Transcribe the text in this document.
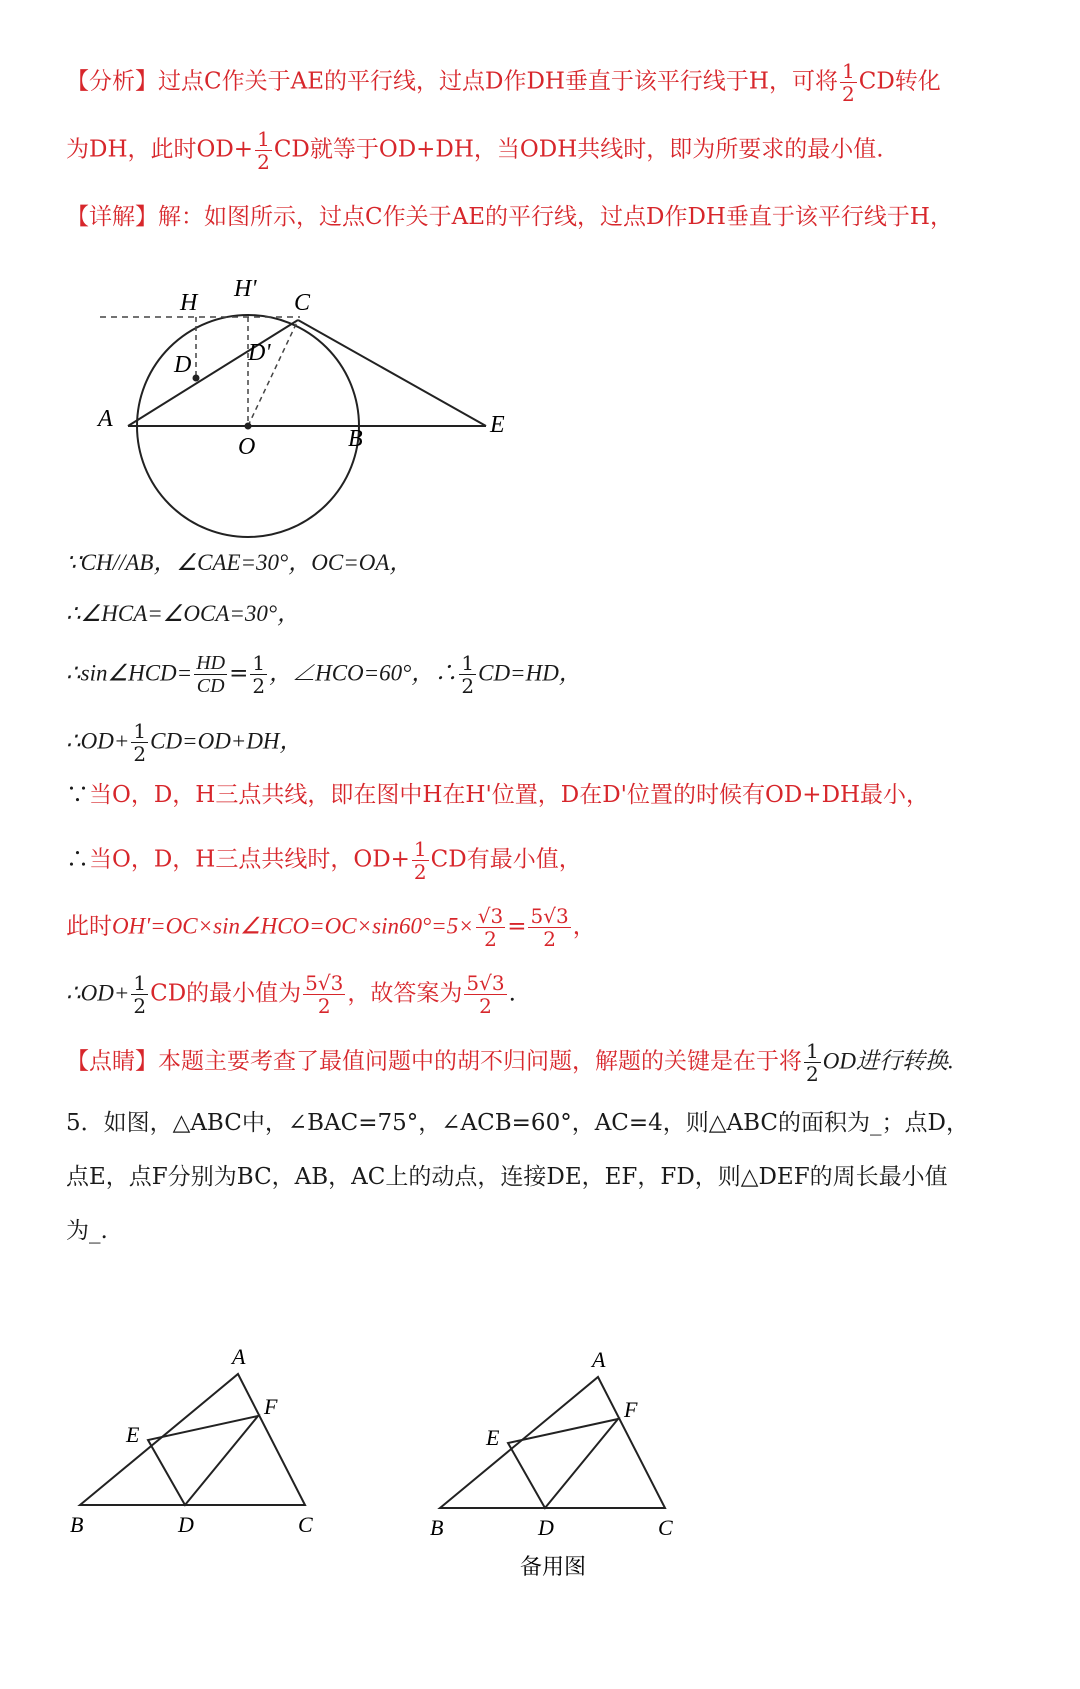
【分析】过点C作关于AE的平行线，过点D作DH垂直于该平行线于H，可将 $\frac{1}{2}$ CD转化
为DH，此时$OD+ \frac{1}{2}$ CD就等于OD+DH，当ODH共线时，即为所要求的最小值.
【详解】解：如图所示，过点C作关于AE的平行线，过点D作DH垂直于该平行线于H，
H
H'
C
D D'
A
O	B
E
∵CH//AB，∠CAE=30°，OC=OA，
∴∠HCA=∠OCA=30°，
∴sin∠HCD= $\frac{HD}{CD} = \frac{1}{2}$ ，∠HCO=60°，∴ $\frac{1}{2} CD=HD$，
∴OD+ $\frac{1}{2} CD=OD+DH$，
∵当O，D，H三点共线，即在图中H在H'位置，D在D'位置的时候有OD+DH最小，
∴当O，D，H三点共线时，$OD+ \frac{1}{2}$ CD有最小值，
此时OH'=OC×sin∠HCO=OC×sin60°=5× $\frac{√3}{2} = \frac{5√3}{2}$ ，
∴OD+ $\frac{1}{2}$ CD的最小值为 $\frac{5√3}{2}$ ，故答案为 $\frac{5√3}{2}$ .
【点睛】本题主要考查了最值问题中的胡不归问题，解题的关键是在于将 $\frac{1}{2}$ OD进行转换.
5．如图，△ABC中，∠BAC=75°，∠ACB=60°，AC=4，则△ABC的面积为_；点D，
点E，点F分别为BC，AB，AC上的动点，连接DE，EF，FD，则△DEF的周长最小值
为_.
A
E
F
B	D	C
A
E
F
B	D	C
备用图
